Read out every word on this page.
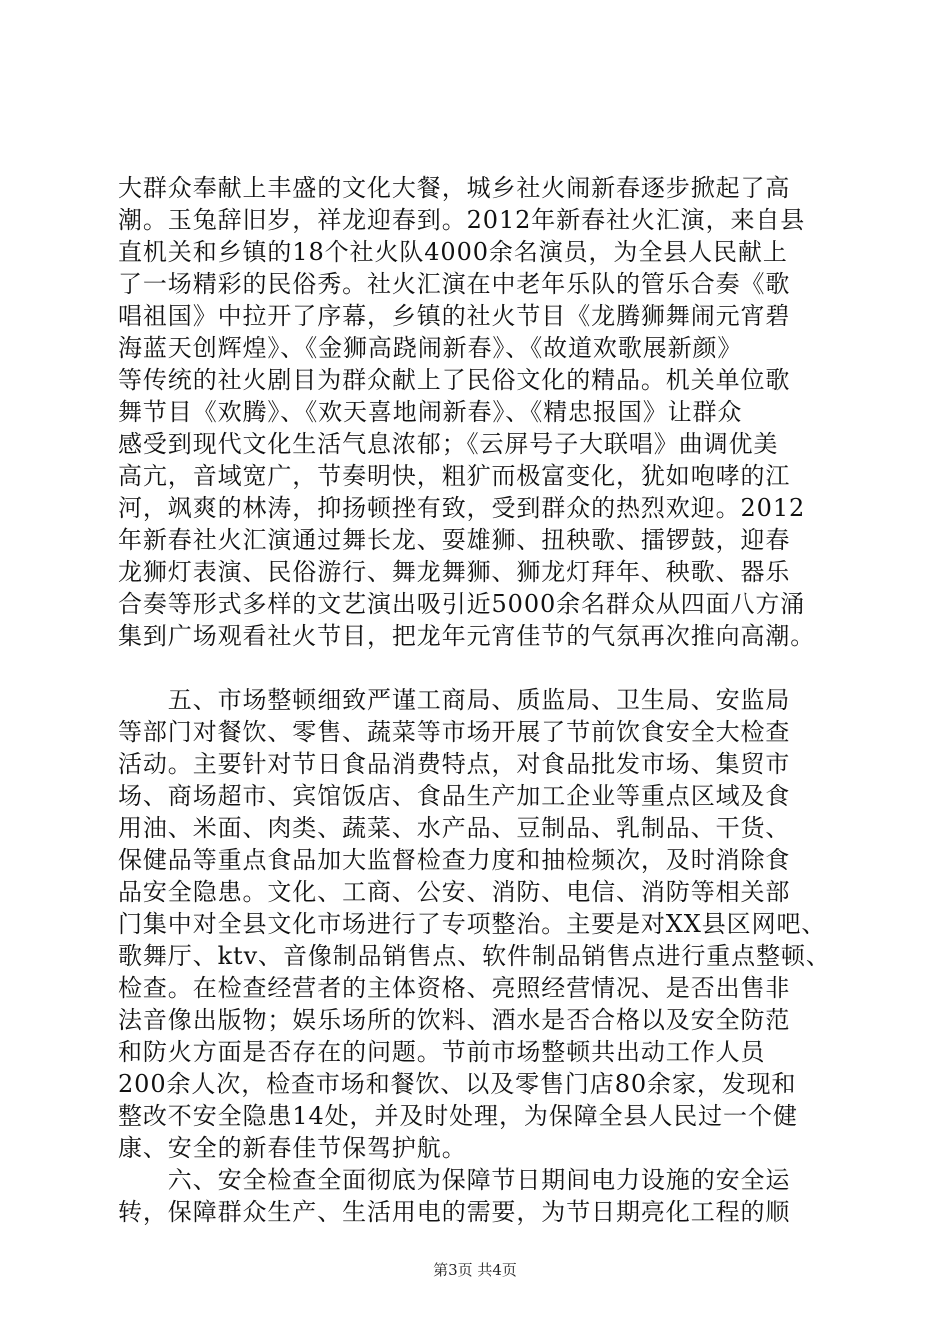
大群众奉献上丰盛的文化大餐，城乡社火闹新春逐步掀起了高
潮。玉兔辞旧岁，祥龙迎春到。2012年新春社火汇演，来自县
直机关和乡镇的18个社火队4000余名演员，为全县人民献上
了一场精彩的民俗秀。社火汇演在中老年乐队的管乐合奏《歌
唱祖国》中拉开了序幕，乡镇的社火节目《龙腾狮舞闹元宵碧
海蓝天创辉煌》、《金狮高跷闹新春》、《故道欢歌展新颜》
等传统的社火剧目为群众献上了民俗文化的精品。机关单位歌
舞节目《欢腾》、《欢天喜地闹新春》、《精忠报国》让群众
感受到现代文化生活气息浓郁；《云屏号子大联唱》曲调优美
高亢，音域宽广，节奏明快，粗犷而极富变化，犹如咆哮的江
河，飒爽的林涛，抑扬顿挫有致，受到群众的热烈欢迎。2012
年新春社火汇演通过舞长龙、耍雄狮、扭秧歌、擂锣鼓，迎春
龙狮灯表演、民俗游行、舞龙舞狮、狮龙灯拜年、秧歌、器乐
合奏等形式多样的文艺演出吸引近5000余名群众从四面八方涌
集到广场观看社火节目，把龙年元宵佳节的气氛再次推向高潮。
　　五、市场整顿细致严谨工商局、质监局、卫生局、安监局
等部门对餐饮、零售、蔬菜等市场开展了节前饮食安全大检查
活动。主要针对节日食品消费特点，对食品批发市场、集贸市
场、商场超市、宾馆饭店、食品生产加工企业等重点区域及食
用油、米面、肉类、蔬菜、水产品、豆制品、乳制品、干货、
保健品等重点食品加大监督检查力度和抽检频次，及时消除食
品安全隐患。文化、工商、公安、消防、电信、消防等相关部
门集中对全县文化市场进行了专项整治。主要是对XX县区网吧、
歌舞厅、ktv、音像制品销售点、软件制品销售点进行重点整顿、
检查。在检查经营者的主体资格、亮照经营情况、是否出售非
法音像出版物；娱乐场所的饮料、酒水是否合格以及安全防范
和防火方面是否存在的问题。节前市场整顿共出动工作人员
200余人次，检查市场和餐饮、以及零售门店80余家，发现和
整改不安全隐患14处，并及时处理，为保障全县人民过一个健
康、安全的新春佳节保驾护航。
　　六、安全检查全面彻底为保障节日期间电力设施的安全运
转，保障群众生产、生活用电的需要，为节日期亮化工程的顺
第3页 共4页
